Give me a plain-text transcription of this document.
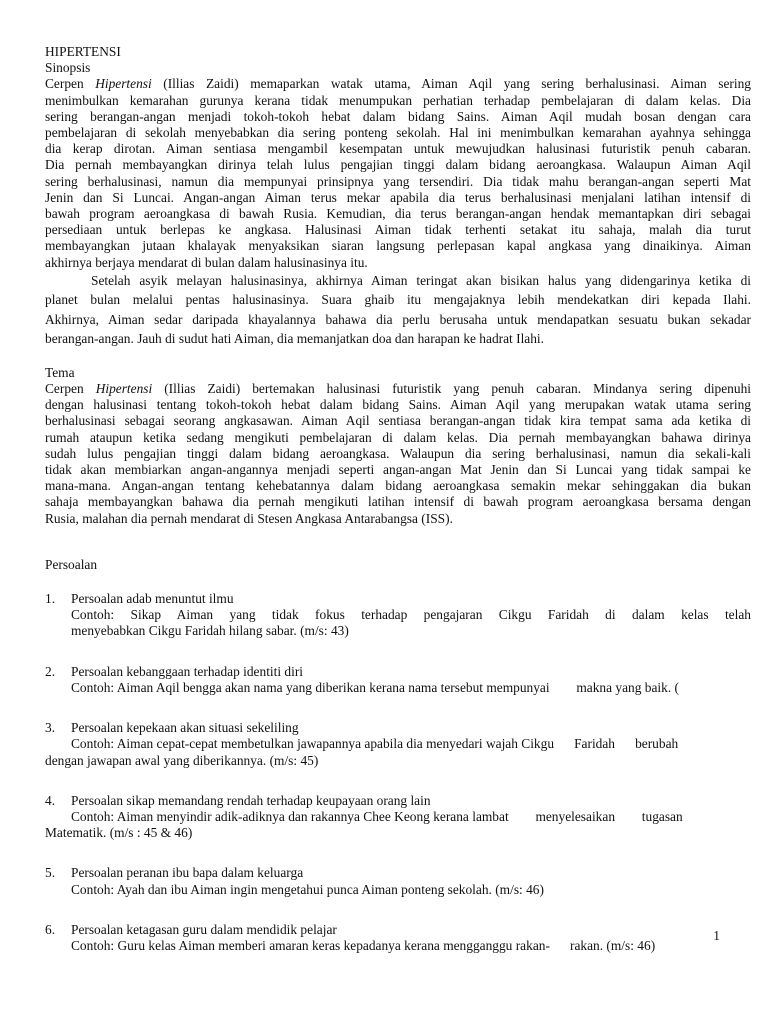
HIPERTENSI
Sinopsis
Cerpen Hipertensi (Illias Zaidi) memaparkan watak utama, Aiman Aqil yang sering berhalusinasi. Aiman sering
menimbulkan kemarahan gurunya kerana tidak menumpukan perhatian terhadap pembelajaran di dalam kelas. Dia
sering berangan-angan menjadi tokoh-tokoh hebat dalam bidang Sains. Aiman Aqil mudah bosan dengan cara
pembelajaran di sekolah menyebabkan dia sering ponteng sekolah. Hal ini menimbulkan kemarahan ayahnya sehingga
dia kerap dirotan. Aiman sentiasa mengambil kesempatan untuk mewujudkan halusinasi futuristik penuh cabaran.
Dia pernah membayangkan dirinya telah lulus pengajian tinggi dalam bidang aeroangkasa. Walaupun Aiman Aqil
sering berhalusinasi, namun dia mempunyai prinsipnya yang tersendiri. Dia tidak mahu berangan-angan seperti Mat
Jenin dan Si Luncai. Angan-angan Aiman terus mekar apabila dia terus berhalusinasi menjalani latihan intensif di
bawah program aeroangkasa di bawah Rusia. Kemudian, dia terus berangan-angan hendak memantapkan diri sebagai
persediaan untuk berlepas ke angkasa. Halusinasi Aiman tidak terhenti setakat itu sahaja, malah dia turut
membayangkan jutaan khalayak menyaksikan siaran langsung perlepasan kapal angkasa yang dinaikinya. Aiman
akhirnya berjaya mendarat di bulan dalam halusinasinya itu.
Setelah asyik melayan halusinasinya, akhirnya Aiman teringat akan bisikan halus yang didengarinya ketika di
planet bulan melalui pentas halusinasinya. Suara ghaib itu mengajaknya lebih mendekatkan diri kepada Ilahi.
Akhirnya, Aiman sedar daripada khayalannya bahawa dia perlu berusaha untuk mendapatkan sesuatu bukan sekadar
berangan-angan. Jauh di sudut hati Aiman, dia memanjatkan doa dan harapan ke hadrat Ilahi.
Tema
Cerpen Hipertensi (Illias Zaidi) bertemakan halusinasi futuristik yang penuh cabaran. Mindanya sering dipenuhi
dengan halusinasi tentang tokoh-tokoh hebat dalam bidang Sains. Aiman Aqil yang merupakan watak utama sering
berhalusinasi sebagai seorang angkasawan. Aiman Aqil sentiasa berangan-angan tidak kira tempat sama ada ketika di
rumah ataupun ketika sedang mengikuti pembelajaran di dalam kelas. Dia pernah membayangkan bahawa dirinya
sudah lulus pengajian tinggi dalam bidang aeroangkasa. Walaupun dia sering berhalusinasi, namun dia sekali-kali
tidak akan membiarkan angan-angannya menjadi seperti angan-angan Mat Jenin dan Si Luncai yang tidak sampai ke
mana-mana. Angan-angan tentang kehebatannya dalam bidang aeroangkasa semakin mekar sehinggakan dia bukan
sahaja membayangkan bahawa dia pernah mengikuti latihan intensif di bawah program aeroangkasa bersama dengan
Rusia, malahan dia pernah mendarat di Stesen Angkasa Antarabangsa (ISS).
Persoalan
1. Persoalan adab menuntut ilmu
Contoh: Sikap Aiman yang tidak fokus terhadap pengajaran Cikgu Faridah di dalam kelas telah
menyebabkan Cikgu Faridah hilang sabar. (m/s: 43)
2. Persoalan kebanggaan terhadap identiti diri
Contoh: Aiman Aqil bengga akan nama yang diberikan kerana nama tersebut mempunyai        makna yang baik. (
3. Persoalan kepekaan akan situasi sekeliling
Contoh: Aiman cepat-cepat membetulkan jawapannya apabila dia menyedari wajah Cikgu      Faridah      berubah
dengan jawapan awal yang diberikannya. (m/s: 45)
4. Persoalan sikap memandang rendah terhadap keupayaan orang lain
Contoh: Aiman menyindir adik-adiknya dan rakannya Chee Keong kerana lambat        menyelesaikan        tugasan
Matematik. (m/s : 45 & 46)
5. Persoalan peranan ibu bapa dalam keluarga
Contoh: Ayah dan ibu Aiman ingin mengetahui punca Aiman ponteng sekolah. (m/s: 46)
6. Persoalan ketagasan guru dalam mendidik pelajar
Contoh: Guru kelas Aiman memberi amaran keras kepadanya kerana mengganggu rakan-      rakan. (m/s: 46)
1
